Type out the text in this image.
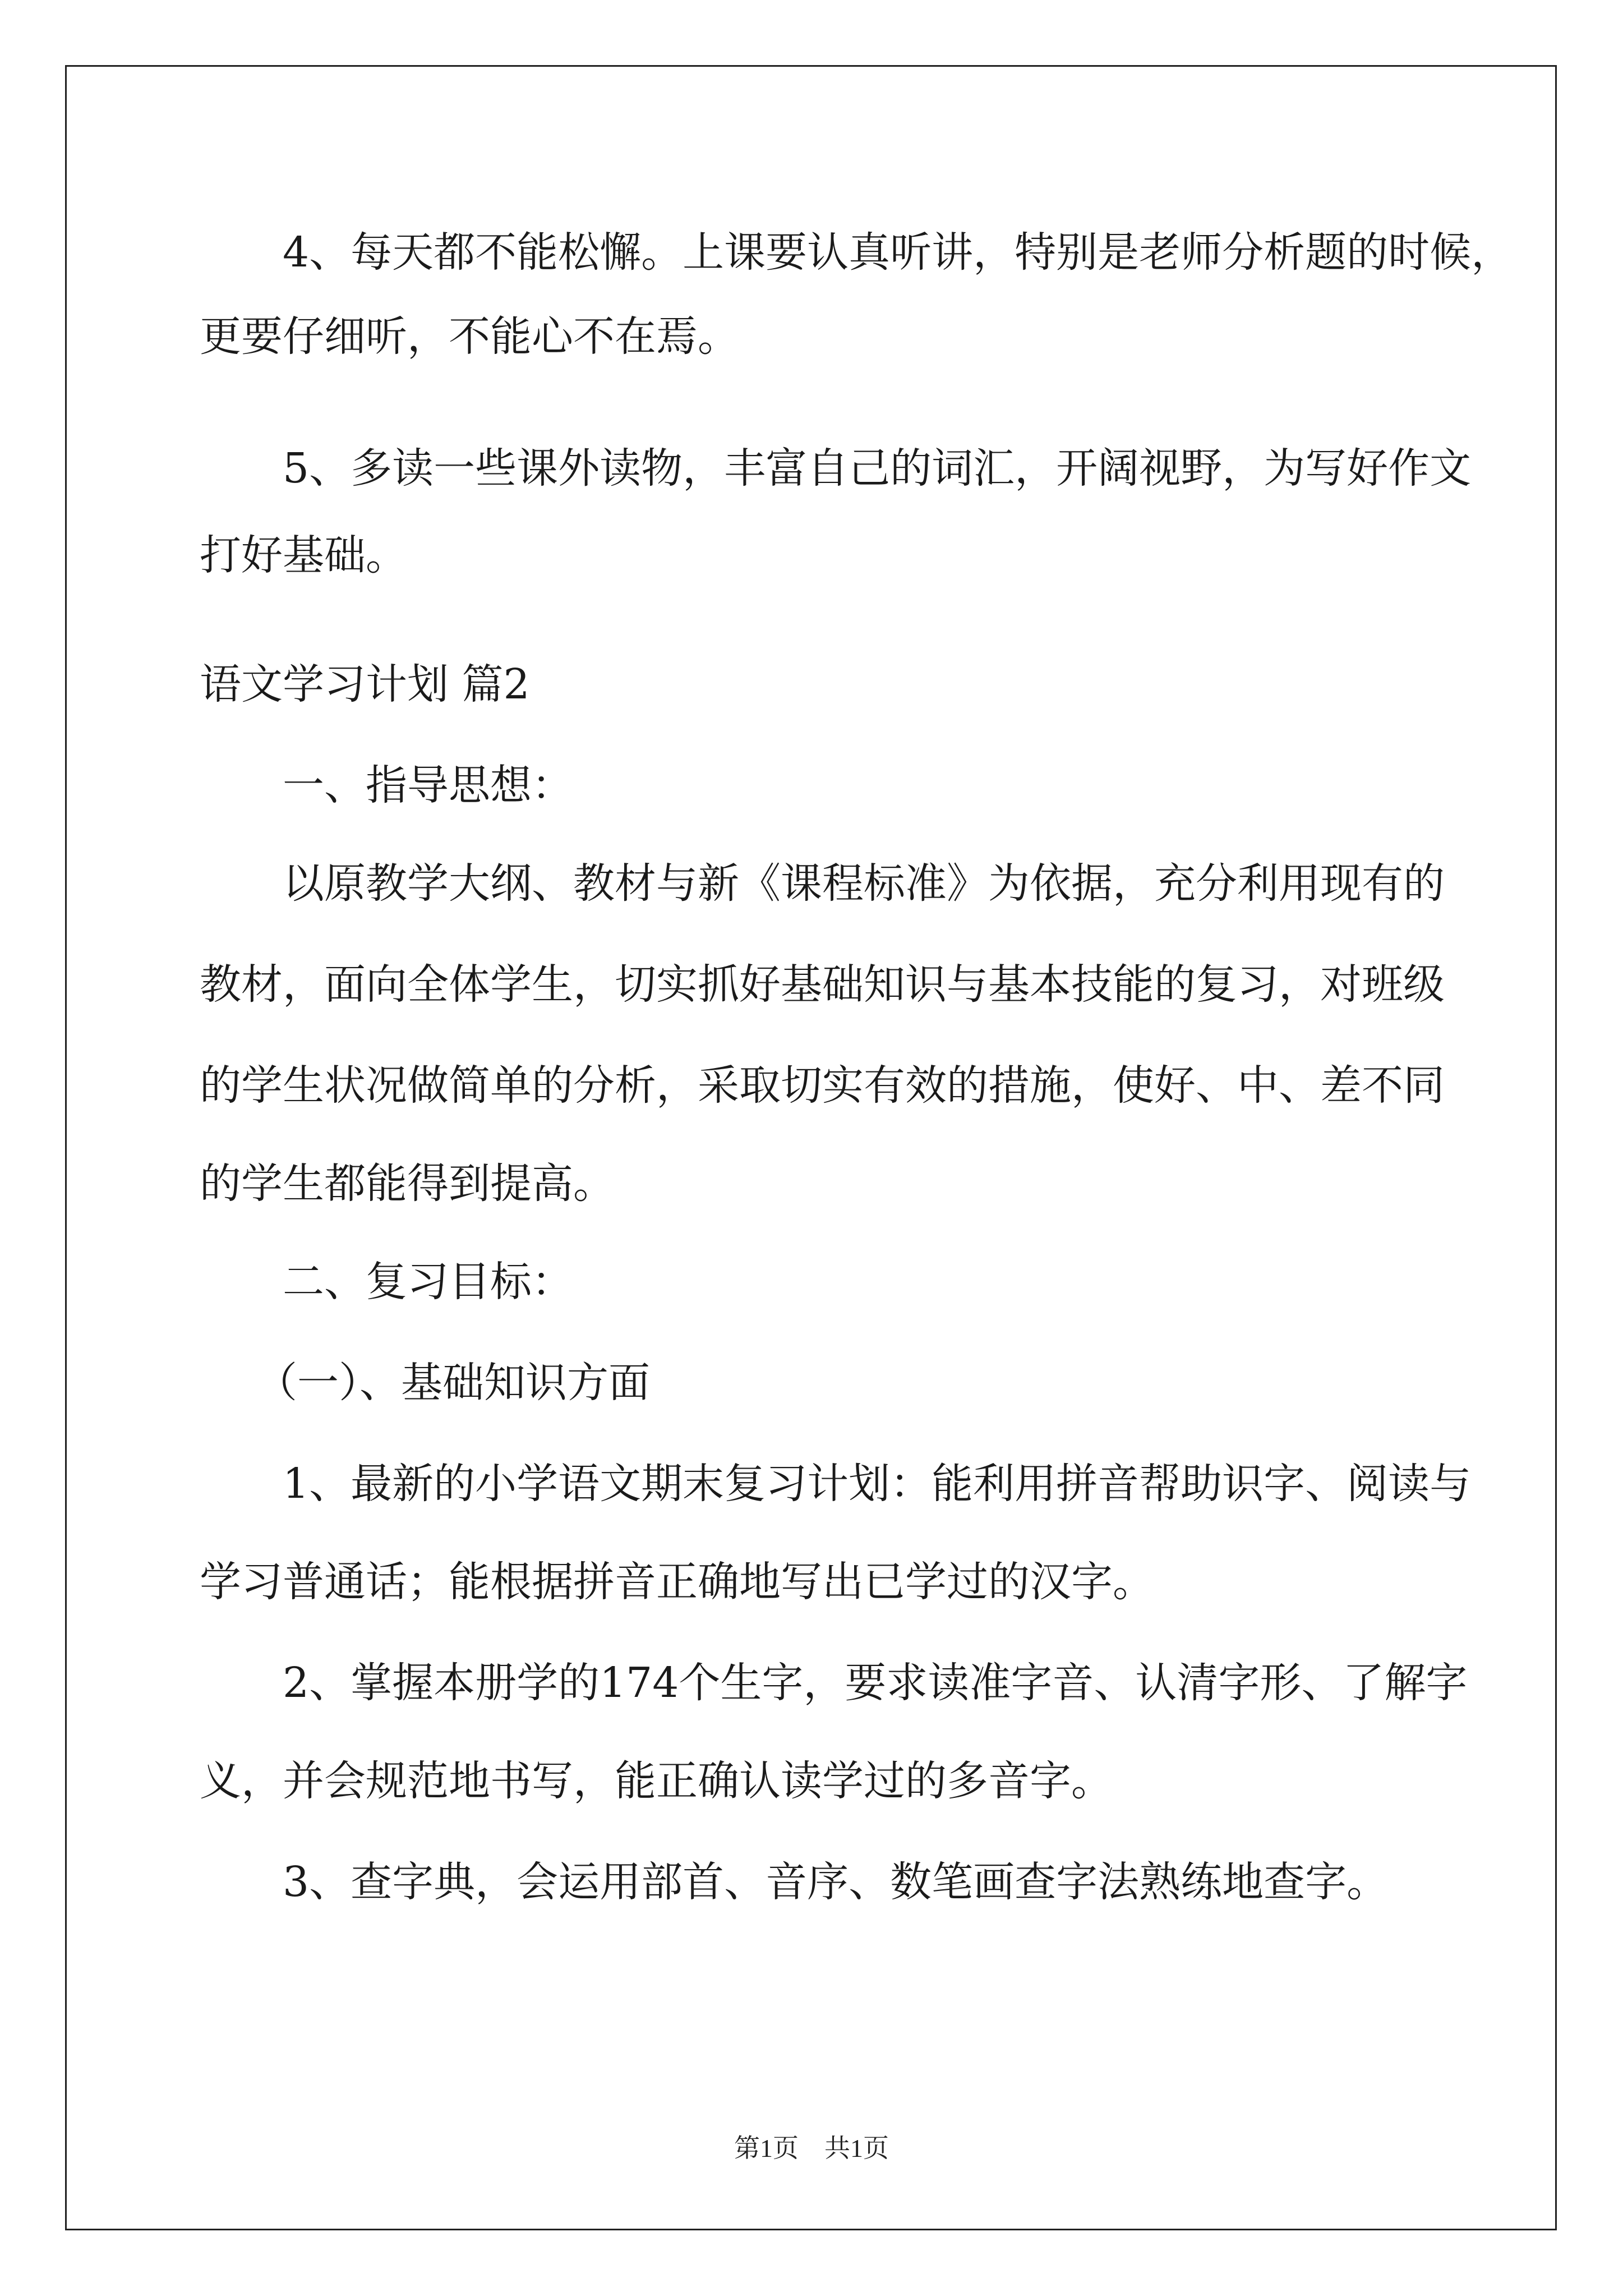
4、每天都不能松懈。上课要认真听讲，特别是老师分析题的时候，
更要仔细听，不能心不在焉。
5、多读一些课外读物，丰富自己的词汇，开阔视野，为写好作文
打好基础。
语文学习计划 篇2
一、指导思想：
以原教学大纲、教材与新《课程标准》为依据，充分利用现有的
教材，面向全体学生，切实抓好基础知识与基本技能的复习，对班级
的学生状况做简单的分析，采取切实有效的措施，使好、中、差不同
的学生都能得到提高。
二、复习目标：
（一）、基础知识方面
1、最新的小学语文期末复习计划：能利用拼音帮助识字、阅读与
学习普通话；能根据拼音正确地写出已学过的汉字。
2、掌握本册学的174个生字，要求读准字音、认清字形、了解字
义，并会规范地书写，能正确认读学过的多音字。
3、查字典，会运用部首、音序、数笔画查字法熟练地查字。
第1页　共1页
